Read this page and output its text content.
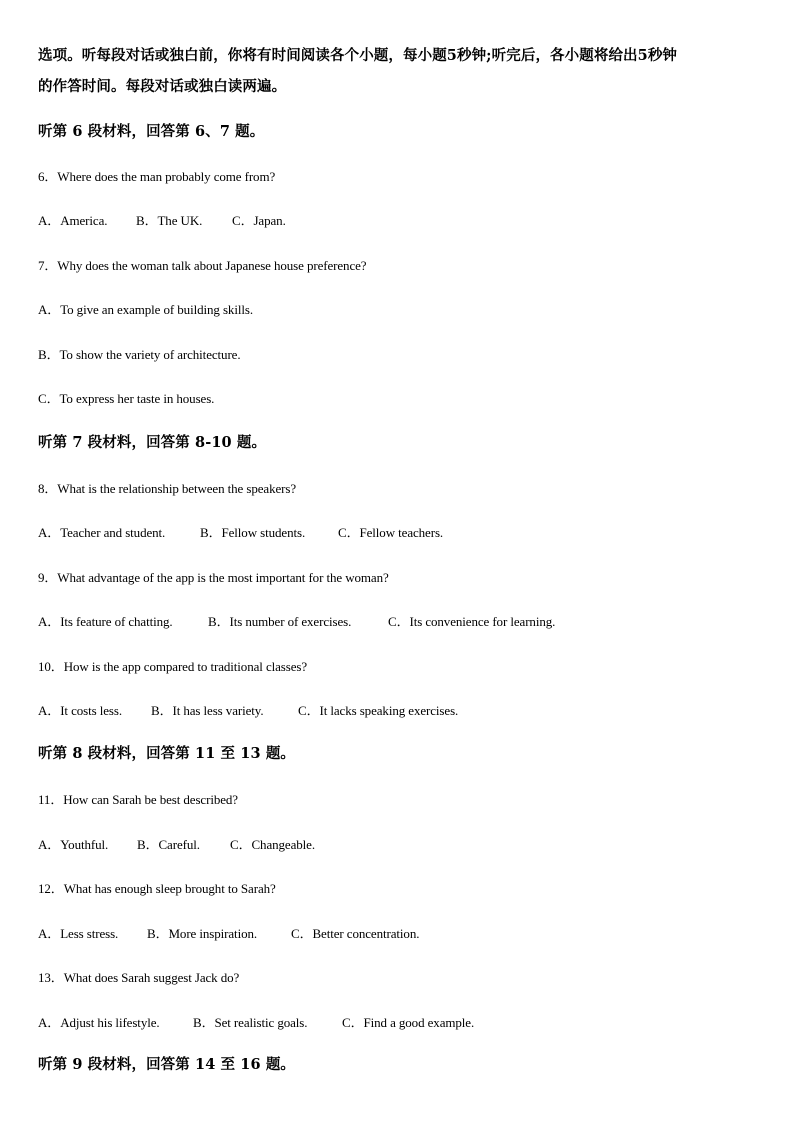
选项。听每段对话或独白前，你将有时间阅读各个小题，每小题5秒钟;听完后，各小题将给出5秒钟
的作答时间。每段对话或独白读两遍。
听第 6 段材料，回答第 6、7 题。
6．Where does the man probably come from?
A．America. B．The UK. C．Japan.
7．Why does the woman talk about Japanese house preference?
A．To give an example of building skills.
B．To show the variety of architecture.
C．To express her taste in houses.
听第 7 段材料，回答第 8-10 题。
8．What is the relationship between the speakers?
A．Teacher and student.	B．Fellow students.	C．Fellow teachers.
9．What advantage of the app is the most important for the woman?
A．Its feature of chatting.	B．Its number of exercises.	C．Its convenience for learning.
10．How is the app compared to traditional classes?
A．It costs less. B．It has less variety.	C．It lacks speaking exercises.
听第 8 段材料，回答第 11 至 13 题。
11．How can Sarah be best described?
A．Youthful. B．Careful. C．Changeable.
12．What has enough sleep brought to Sarah?
A．Less stress. B．More inspiration.	C．Better concentration.
13．What does Sarah suggest Jack do?
A．Adjust his lifestyle.	B．Set realistic goals.	C．Find a good example.
听第 9 段材料，回答第 14 至 16 题。
